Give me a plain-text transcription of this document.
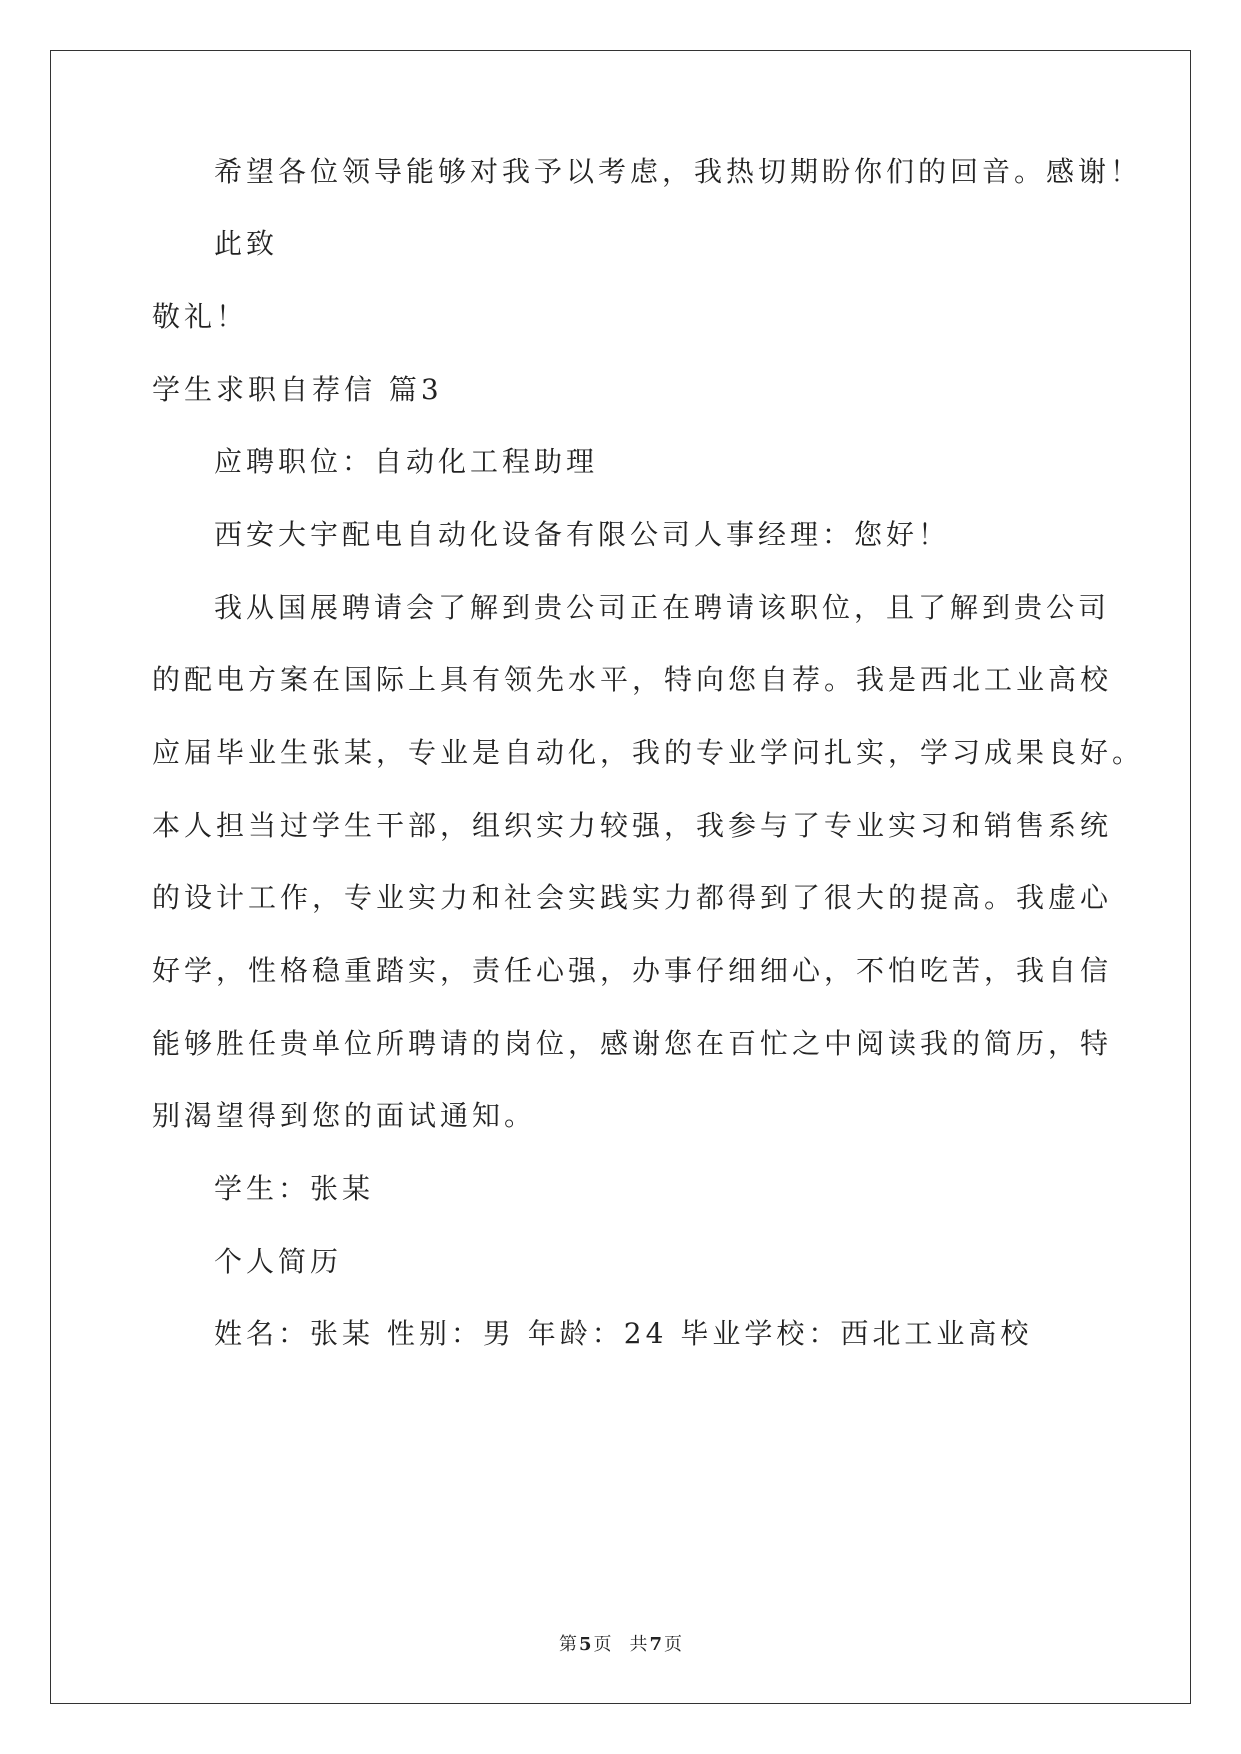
希望各位领导能够对我予以考虑，我热切期盼你们的回音。感谢！
此致
敬礼！
学生求职自荐信 篇3
应聘职位：自动化工程助理
西安大宇配电自动化设备有限公司人事经理：您好！
我从国展聘请会了解到贵公司正在聘请该职位，且了解到贵公司
的配电方案在国际上具有领先水平，特向您自荐。我是西北工业高校
应届毕业生张某，专业是自动化，我的专业学问扎实，学习成果良好。
本人担当过学生干部，组织实力较强，我参与了专业实习和销售系统
的设计工作，专业实力和社会实践实力都得到了很大的提高。我虚心
好学，性格稳重踏实，责任心强，办事仔细细心，不怕吃苦，我自信
能够胜任贵单位所聘请的岗位，感谢您在百忙之中阅读我的简历，特
别渴望得到您的面试通知。
学生：张某
个人简历
姓名：张某 性别：男 年龄：24 毕业学校：西北工业高校
第 5 页　共 7 页
